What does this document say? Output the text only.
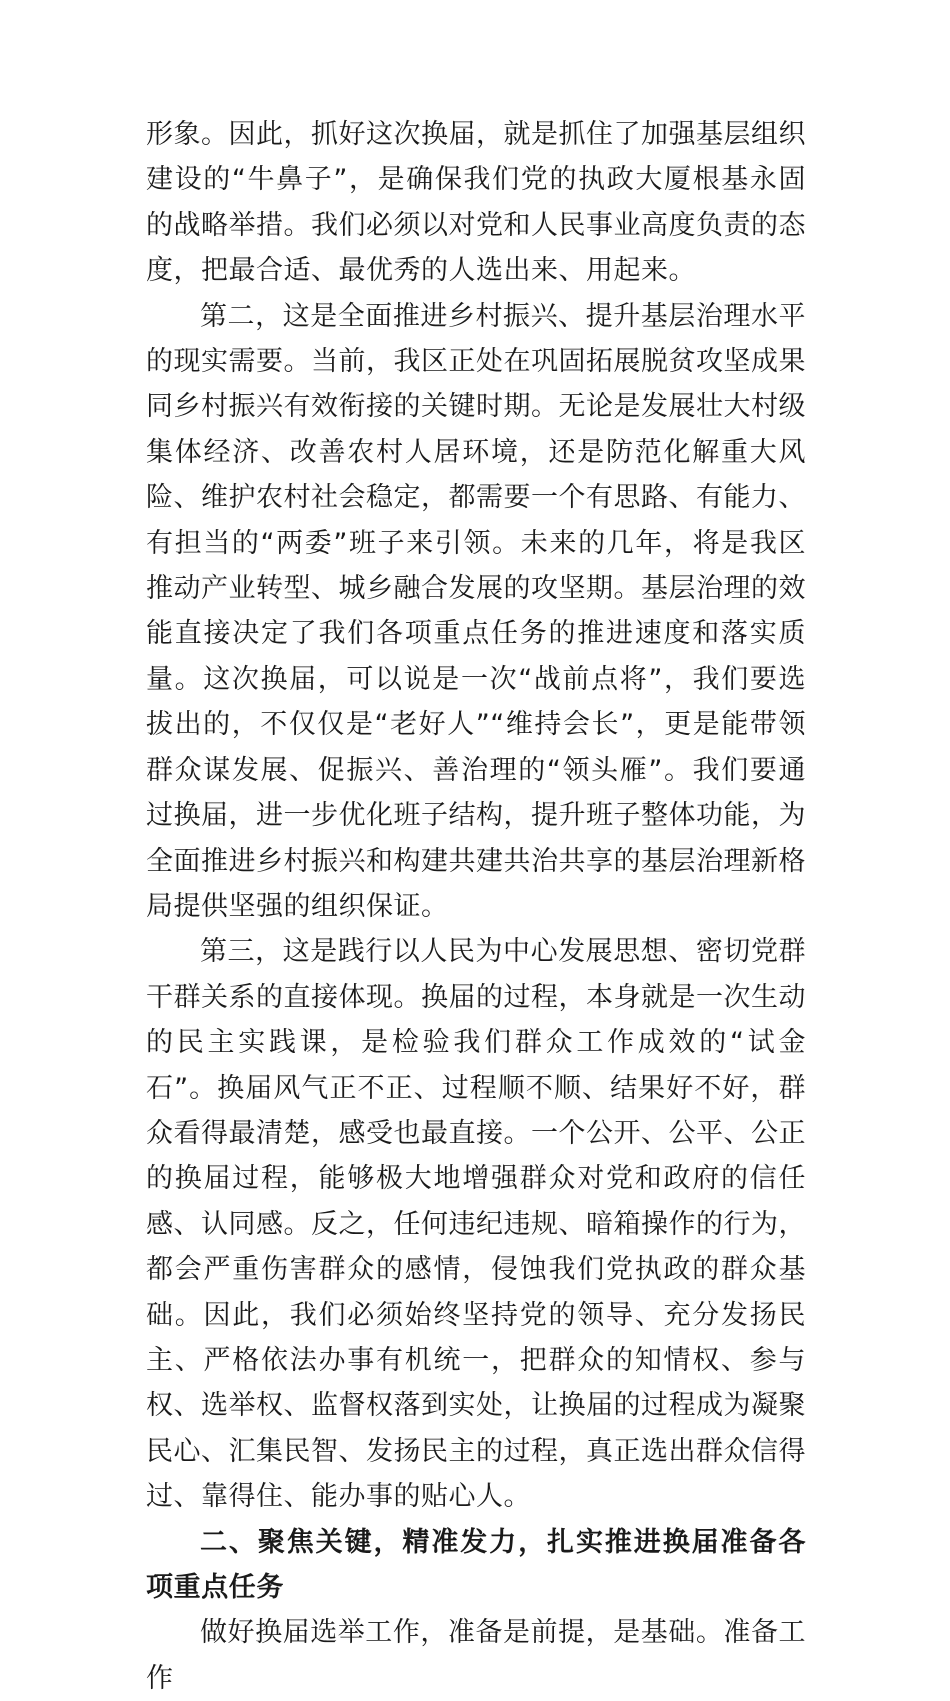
形象。因此，抓好这次换届，就是抓住了加强基层组织建设的“牛鼻子”，是确保我们党的执政大厦根基永固的战略举措。我们必须以对党和人民事业高度负责的态度，把最合适、最优秀的人选出来、用起来。

第二，这是全面推进乡村振兴、提升基层治理水平的现实需要。当前，我区正处在巩固拓展脱贫攻坚成果同乡村振兴有效衔接的关键时期。无论是发展壮大村级集体经济、改善农村人居环境，还是防范化解重大风险、维护农村社会稳定，都需要一个有思路、有能力、有担当的“两委”班子来引领。未来的几年，将是我区推动产业转型、城乡融合发展的攻坚期。基层治理的效能直接决定了我们各项重点任务的推进速度和落实质量。这次换届，可以说是一次“战前点将”，我们要选拔出的，不仅仅是“老好人”“维持会长”，更是能带领群众谋发展、促振兴、善治理的“领头雁”。我们要通过换届，进一步优化班子结构，提升班子整体功能，为全面推进乡村振兴和构建共建共治共享的基层治理新格局提供坚强的组织保证。

第三，这是践行以人民为中心发展思想、密切党群干群关系的直接体现。换届的过程，本身就是一次生动的民主实践课，是检验我们群众工作成效的“试金石”。换届风气正不正、过程顺不顺、结果好不好，群众看得最清楚，感受也最直接。一个公开、公平、公正的换届过程，能够极大地增强群众对党和政府的信任感、认同感。反之，任何违纪违规、暗箱操作的行为，都会严重伤害群众的感情，侵蚀我们党执政的群众基础。因此，我们必须始终坚持党的领导、充分发扬民主、严格依法办事有机统一，把群众的知情权、参与权、选举权、监督权落到实处，让换届的过程成为凝聚民心、汇集民智、发扬民主的过程，真正选出群众信得过、靠得住、能办事的贴心人。

二、聚焦关键，精准发力，扎实推进换届准备各项重点任务

做好换届选举工作，准备是前提，是基础。准备工作
